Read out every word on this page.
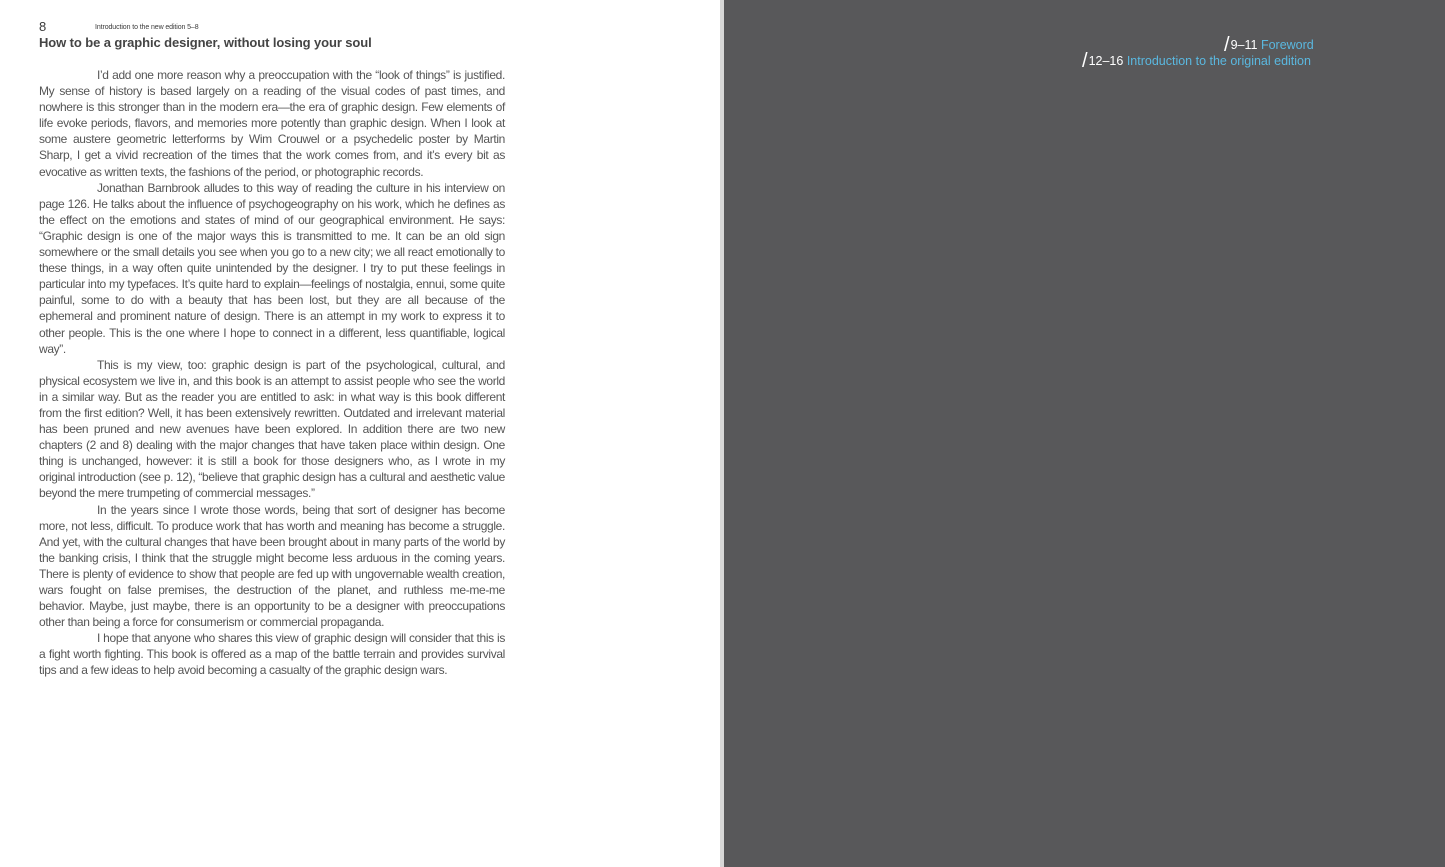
8	Introduction to the new edition 5–8
How to be a graphic designer, without losing your soul

I’d add one more reason why a preoccupation with the “look of things” is justified. My sense of history is based largely on a reading of the visual codes of past times, and nowhere is this stronger than in the modern era—the era of graphic design. Few elements of life evoke periods, flavors, and memories more potently than graphic design. When I look at some austere geometric letterforms by Wim Crouwel or a psychedelic poster by Martin Sharp, I get a vivid recreation of the times that the work comes from, and it’s every bit as evocative as written texts, the fashions of the period, or photographic records.

Jonathan Barnbrook alludes to this way of reading the culture in his interview on page 126. He talks about the influence of psychogeography on his work, which he defines as the effect on the emotions and states of mind of our geographical environment. He says: “Graphic design is one of the major ways this is transmitted to me. It can be an old sign somewhere or the small details you see when you go to a new city; we all react emotionally to these things, in a way often quite unintended by the designer. I try to put these feelings in particular into my typefaces. It’s quite hard to explain—feelings of nostalgia, ennui, some quite painful, some to do with a beauty that has been lost, but they are all because of the ephemeral and prominent nature of design. There is an attempt in my work to express it to other people. This is the one where I hope to connect in a different, less quantifiable, logical way”.

This is my view, too: graphic design is part of the psychological, cultural, and physical ecosystem we live in, and this book is an attempt to assist people who see the world in a similar way. But as the reader you are entitled to ask: in what way is this book different from the first edition? Well, it has been extensively rewritten. Outdated and irrelevant material has been pruned and new avenues have been explored. In addition there are two new chapters (2 and 8) dealing with the major changes that have taken place within design. One thing is unchanged, however: it is still a book for those designers who, as I wrote in my original introduction (see p. 12), “believe that graphic design has a cultural and aesthetic value beyond the mere trumpeting of commercial messages.”

In the years since I wrote those words, being that sort of designer has become more, not less, difficult. To produce work that has worth and meaning has become a struggle. And yet, with the cultural changes that have been brought about in many parts of the world by the banking crisis, I think that the struggle might become less arduous in the coming years. There is plenty of evidence to show that people are fed up with ungovernable wealth creation, wars fought on false premises, the destruction of the planet, and ruthless me-me-me behavior. Maybe, just maybe, there is an opportunity to be a designer with preoccupations other than being a force for consumerism or commercial propaganda.

I hope that anyone who shares this view of graphic design will consider that this is a fight worth fighting. This book is offered as a map of the battle terrain and provides survival tips and a few ideas to help avoid becoming a casualty of the graphic design wars.

/9–11 Foreword
/12–16 Introduction to the original edition
